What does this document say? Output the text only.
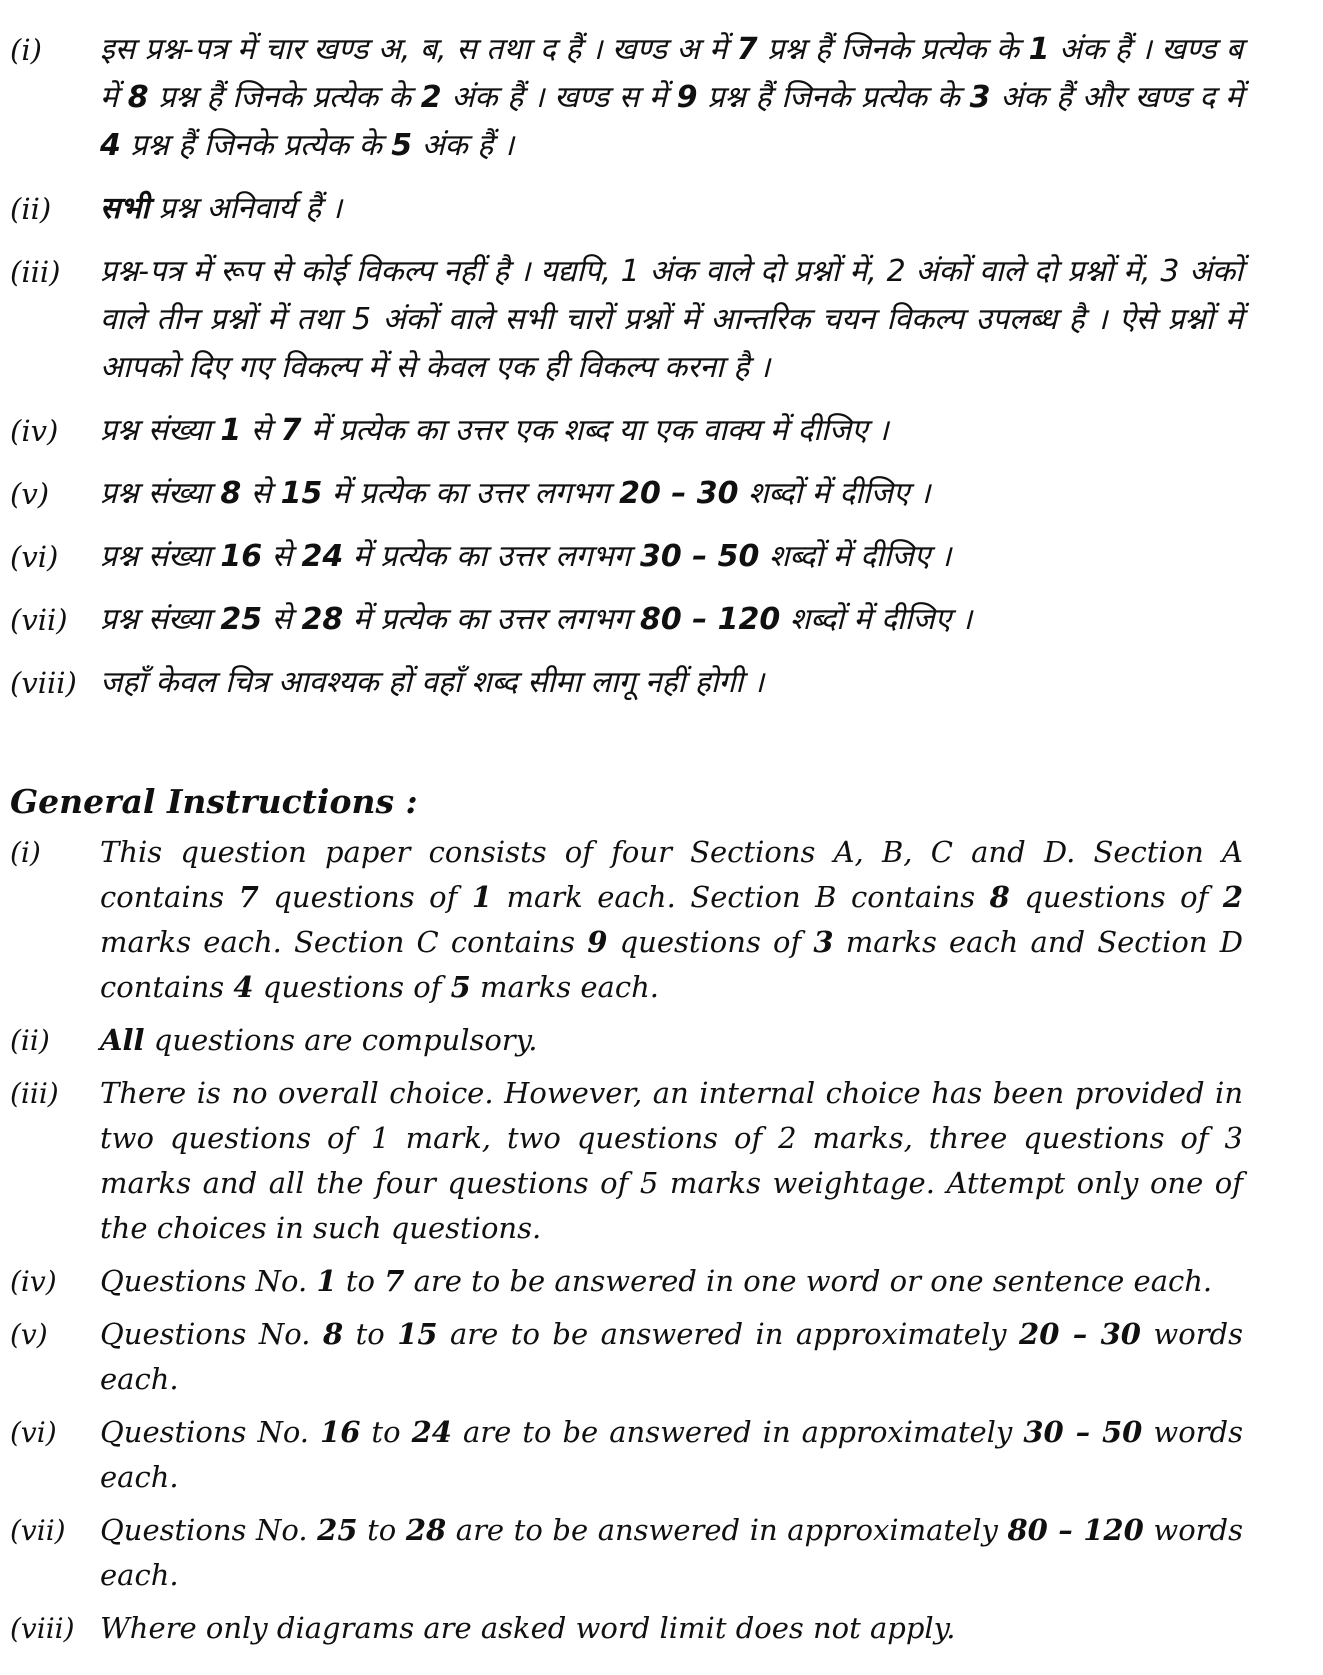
(i)	इस प्रश्न-पत्र में चार खण्ड अ, ब, स तथा द हैं । खण्ड अ में 7 प्रश्न हैं जिनके प्रत्येक के 1 अंक हैं । खण्ड ब में 8 प्रश्न हैं जिनके प्रत्येक के 2 अंक हैं । खण्ड स में 9 प्रश्न हैं जिनके प्रत्येक के 3 अंक हैं और खण्ड द में 4 प्रश्न हैं जिनके प्रत्येक के 5 अंक हैं ।
(ii)	सभी प्रश्न अनिवार्य हैं ।
(iii)	प्रश्न-पत्र में रूप से कोई विकल्प नहीं है । यद्यपि, 1 अंक वाले दो प्रश्नों में, 2 अंकों वाले दो प्रश्नों में, 3 अंकों वाले तीन प्रश्नों में तथा 5 अंकों वाले सभी चारों प्रश्नों में आन्तरिक चयन विकल्प उपलब्ध है । ऐसे प्रश्नों में आपको दिए गए विकल्प में से केवल एक ही विकल्प करना है ।
(iv)	प्रश्न संख्या 1 से 7 में प्रत्येक का उत्तर एक शब्द या एक वाक्य में दीजिए ।
(v)	प्रश्न संख्या 8 से 15 में प्रत्येक का उत्तर लगभग 20 – 30 शब्दों में दीजिए ।
(vi)	प्रश्न संख्या 16 से 24 में प्रत्येक का उत्तर लगभग 30 – 50 शब्दों में दीजिए ।
(vii)	प्रश्न संख्या 25 से 28 में प्रत्येक का उत्तर लगभग 80 – 120 शब्दों में दीजिए ।
(viii) जहाँ केवल चित्र आवश्यक हों वहाँ शब्द सीमा लागू नहीं होगी ।
General Instructions :
(i)	This question paper consists of four Sections A, B, C and D. Section A contains 7 questions of 1 mark each. Section B contains 8 questions of 2 marks each. Section C contains 9 questions of 3 marks each and Section D contains 4 questions of 5 marks each.
(ii)	All questions are compulsory.
(iii)	There is no overall choice. However, an internal choice has been provided in two questions of 1 mark, two questions of 2 marks, three questions of 3 marks and all the four questions of 5 marks weightage. Attempt only one of the choices in such questions.
(iv)	Questions No. 1 to 7 are to be answered in one word or one sentence each.
(v)	Questions No. 8 to 15 are to be answered in approximately 20 – 30 words each.
(vi)	Questions No. 16 to 24 are to be answered in approximately 30 – 50 words each.
(vii)	Questions No. 25 to 28 are to be answered in approximately 80 – 120 words each.
(viii) Where only diagrams are asked word limit does not apply.
